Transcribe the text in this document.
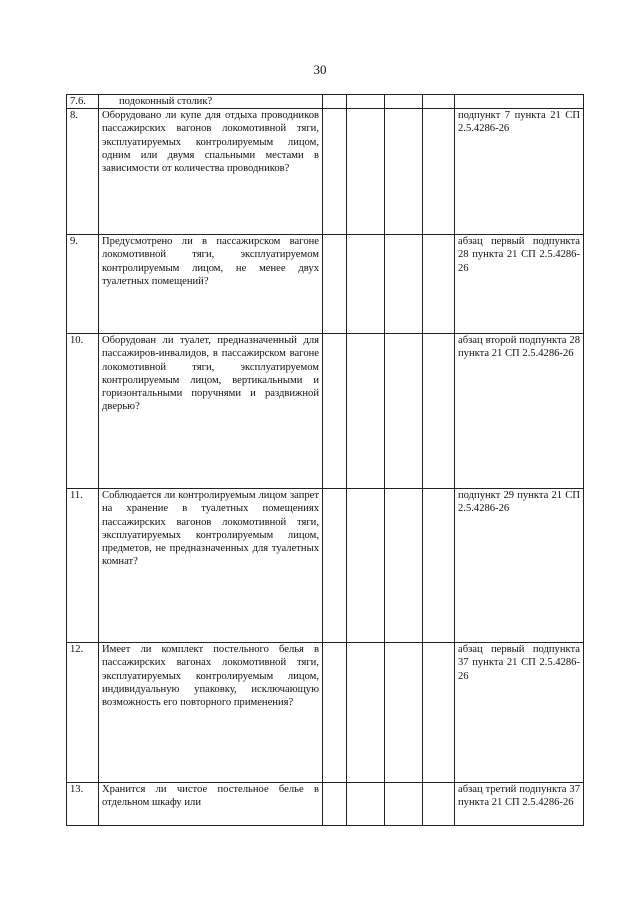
30
7.6.	подоконный столик?					
8.	Оборудовано ли купе для отдыха проводников пассажирских вагонов локомотивной тяги, эксплуатируемых контролируемым лицом, одним или двумя спальными местами в зависимости от количества проводников?					подпункт 7 пункта 21 СП 2.5.4286-26
9.	Предусмотрено ли в пассажирском вагоне локомотивной тяги, эксплуатируемом контролируемым лицом, не менее двух туалетных помещений?					абзац первый подпункта 28 пункта 21 СП 2.5.4286-26
10.	Оборудован ли туалет, предназначенный для пассажиров-инвалидов, в пассажирском вагоне локомотивной тяги, эксплуатируемом контролируемым лицом, вертикальными и горизонтальными поручнями и раздвижной дверью?					абзац второй подпункта 28 пункта 21 СП 2.5.4286-26
11.	Соблюдается ли контролируемым лицом запрет на хранение в туалетных помещениях пассажирских вагонов локомотивной тяги, эксплуатируемых контролируемым лицом, предметов, не предназначенных для туалетных комнат?					подпункт 29 пункта 21 СП 2.5.4286-26
12.	Имеет ли комплект постельного белья в пассажирских вагонах локомотивной тяги, эксплуатируемых контролируемым лицом, индивидуальную упаковку, исключающую возможность его повторного применения?					абзац первый подпункта 37 пункта 21 СП 2.5.4286-26
13.	Хранится ли чистое постельное белье в отдельном шкафу или					абзац третий подпункта 37 пункта 21 СП 2.5.4286-26
